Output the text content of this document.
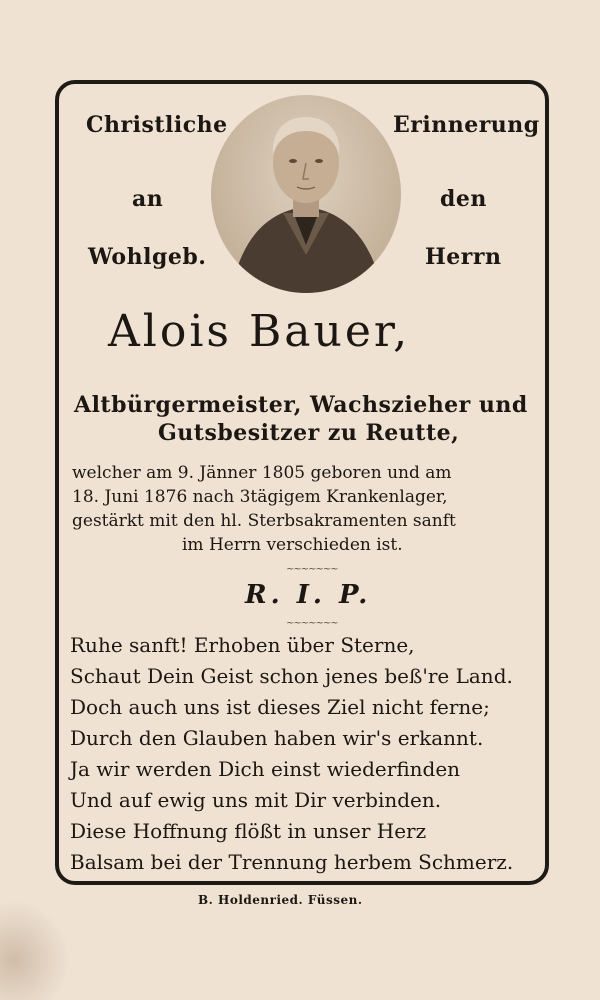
Christliche	Erinnerung
an	den
Wohlgeb.	Herrn
Alois Bauer,
Altbürgermeister, Wachszieher und
Gutsbesitzer zu Reutte,
welcher am 9. Jänner 1805 geboren und am
18. Juni 1876 nach 3tägigem Krankenlager,
gestärkt mit den hl. Sterbsakramenten sanft
im Herrn verschieden ist.
~~~~~~~
R. I. P.
~~~~~~~
Ruhe sanft! Erhoben über Sterne,
Schaut Dein Geist schon jenes beß're Land.
Doch auch uns ist dieses Ziel nicht ferne;
Durch den Glauben haben wir's erkannt.
Ja wir werden Dich einst wiederfinden
Und auf ewig uns mit Dir verbinden.
Diese Hoffnung flößt in unser Herz
Balsam bei der Trennung herbem Schmerz.
B. Holdenried. Füssen.
